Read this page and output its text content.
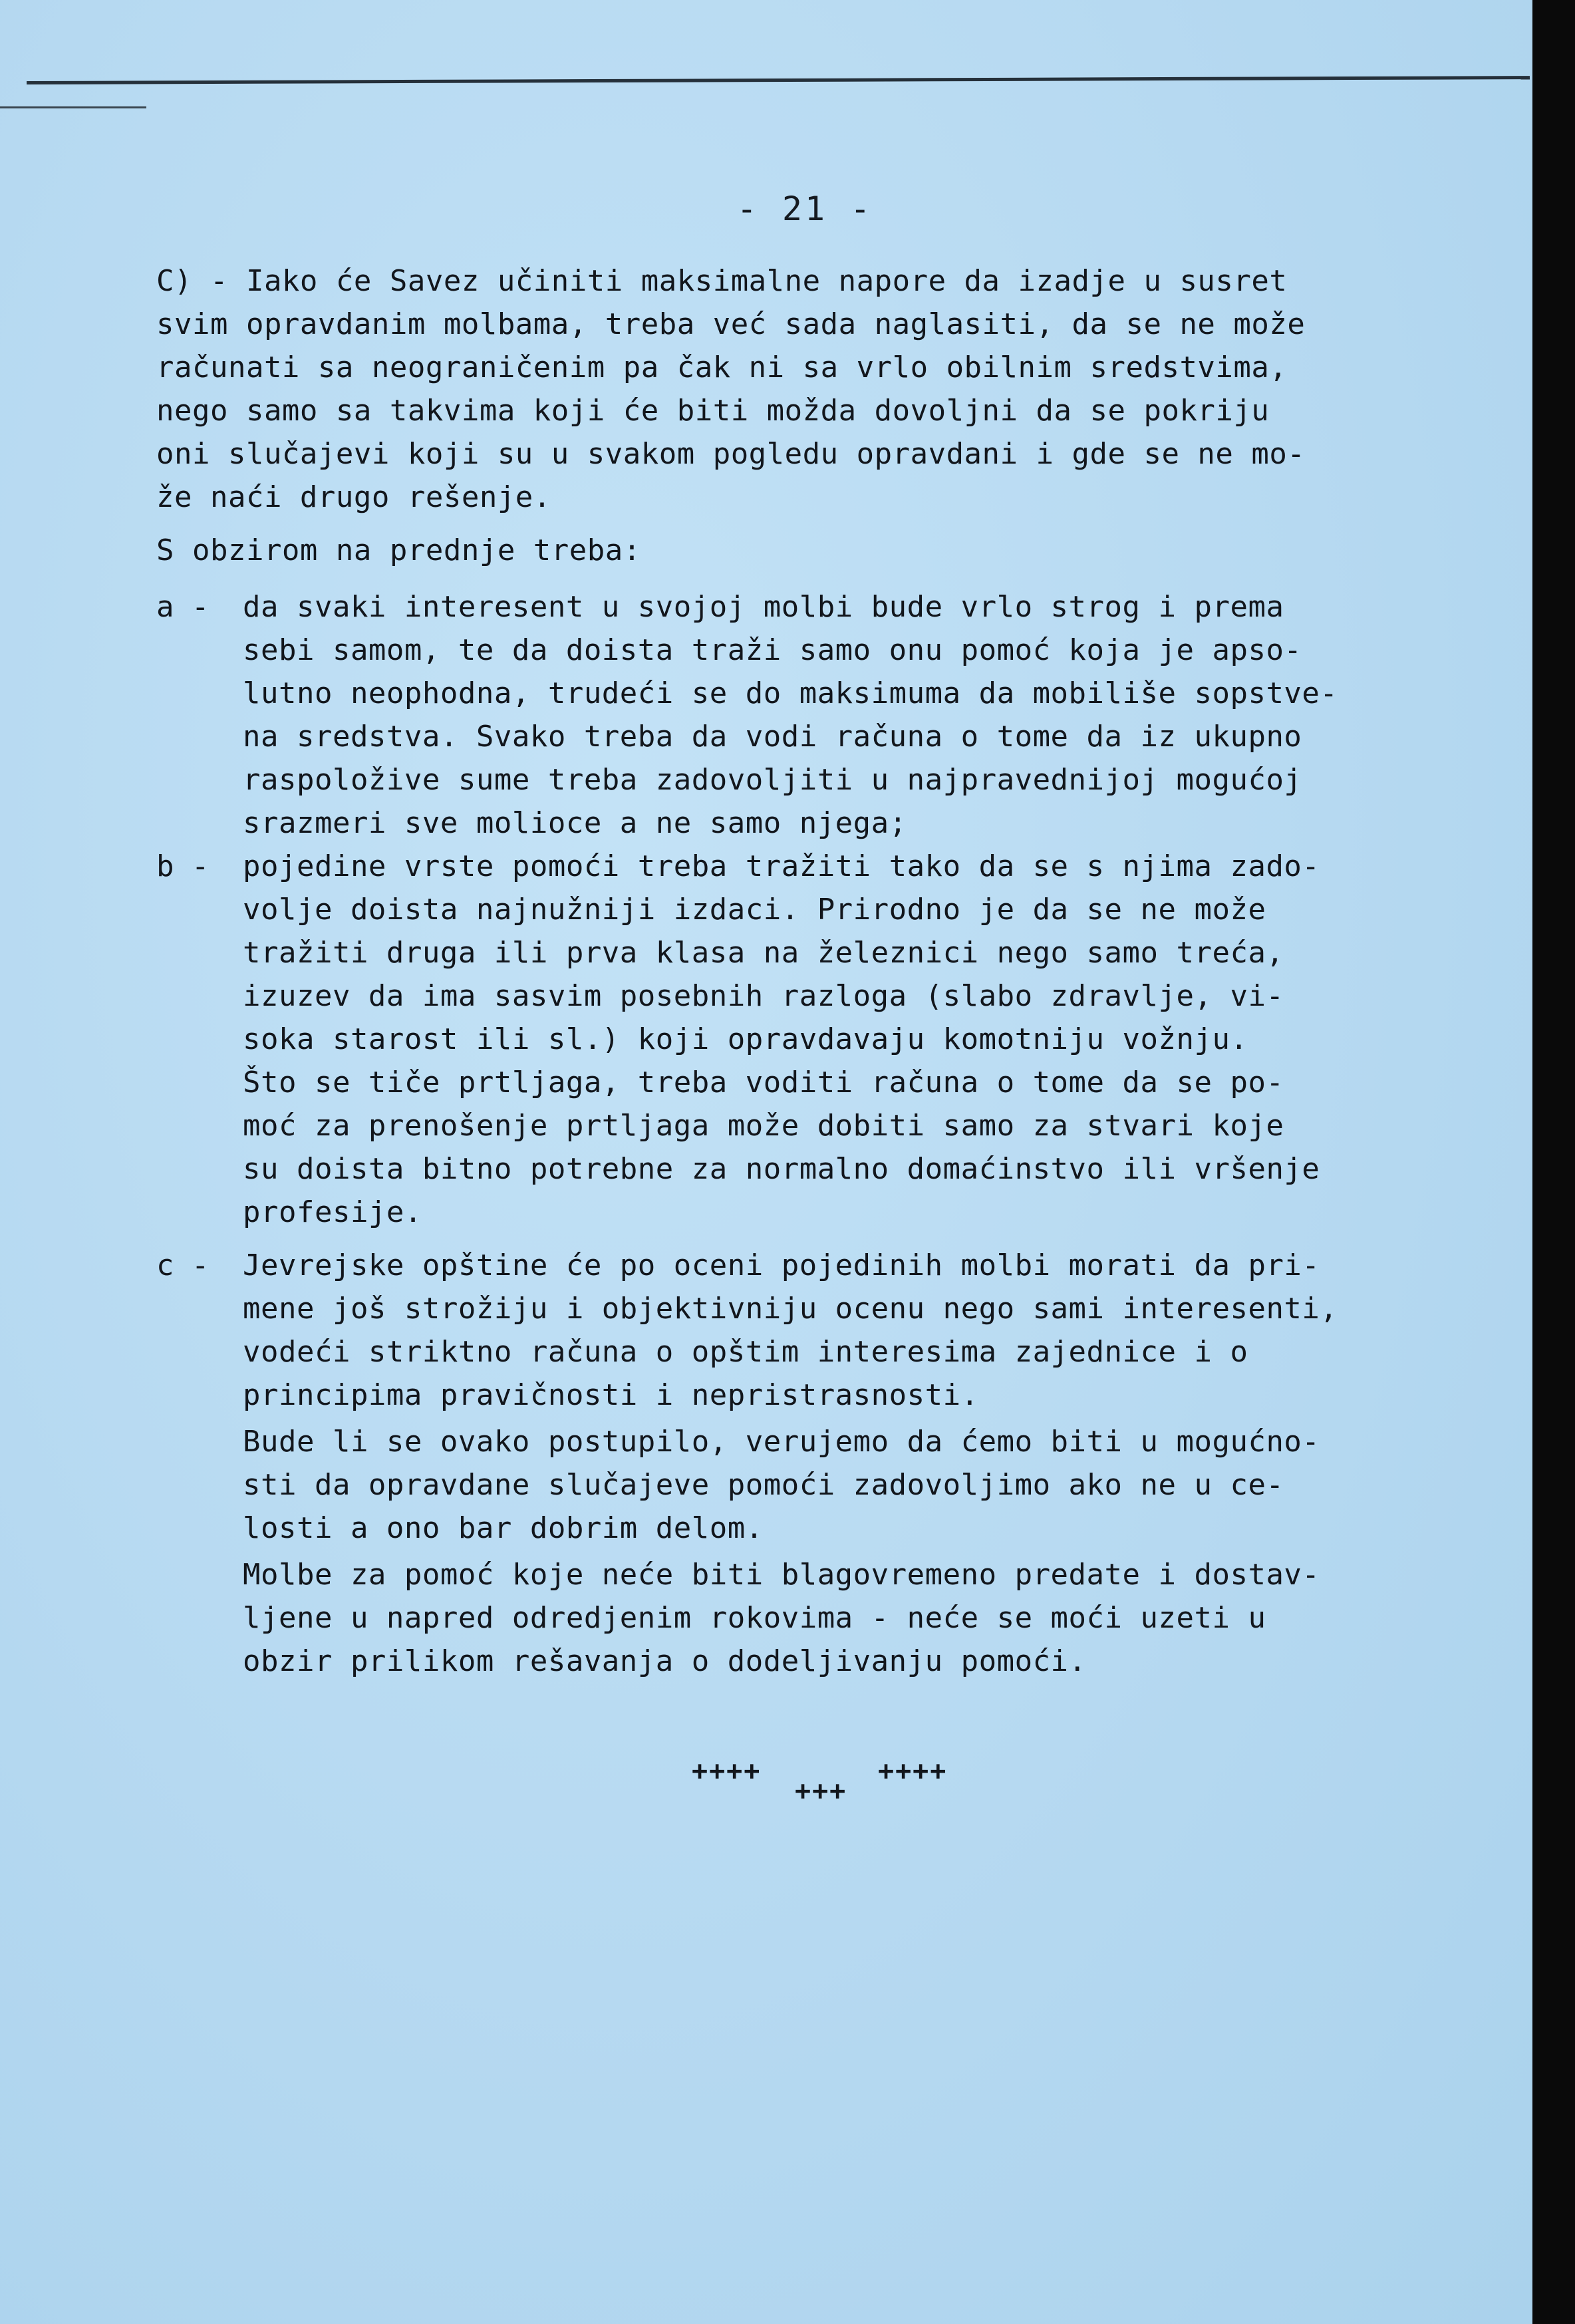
- 21 -
C) - Iako će Savez učiniti maksimalne napore da izadje u susret
svim opravdanim molbama, treba već sada naglasiti, da se ne može
računati sa neograničenim pa čak ni sa vrlo obilnim sredstvima,
nego samo sa takvima koji će biti možda dovoljni da se pokriju
oni slučajevi koji su u svakom pogledu opravdani i gde se ne mo-
že naći drugo rešenje.
S obzirom na prednje treba:
a - da svaki interesent u svojoj molbi bude vrlo strog i prema
sebi samom, te da doista traži samo onu pomoć koja je apso-
lutno neophodna, trudeći se do maksimuma da mobiliše sopstve-
na sredstva. Svako treba da vodi računa o tome da iz ukupno
raspoložive sume treba zadovoljiti u najpravednijoj mogućoj
srazmeri sve molioce a ne samo njega;
b - pojedine vrste pomoći treba tražiti tako da se s njima zado-
volje doista najnužniji izdaci. Prirodno je da se ne može
tražiti druga ili prva klasa na železnici nego samo treća,
izuzev da ima sasvim posebnih razloga (slabo zdravlje, vi-
soka starost ili sl.) koji opravdavaju komotniju vožnju.
Što se tiče prtljaga, treba voditi računa o tome da se po-
moć za prenošenje prtljaga može dobiti samo za stvari koje
su doista bitno potrebne za normalno domaćinstvo ili vršenje
profesije.
c - Jevrejske opštine će po oceni pojedinih molbi morati da pri-
mene još strožiju i objektivniju ocenu nego sami interesenti,
vodeći striktno računa o opštim interesima zajednice i o
principima pravičnosti i nepristrasnosti.
Bude li se ovako postupilo, verujemo da ćemo biti u mogućno-
sti da opravdane slučajeve pomoći zadovoljimo ako ne u ce-
losti a ono bar dobrim delom.
Molbe za pomoć koje neće biti blagovremeno predate i dostav-
ljene u napred odredjenim rokovima - neće se moći uzeti u
obzir prilikom rešavanja o dodeljivanju pomoći.
++++
+++
++++
